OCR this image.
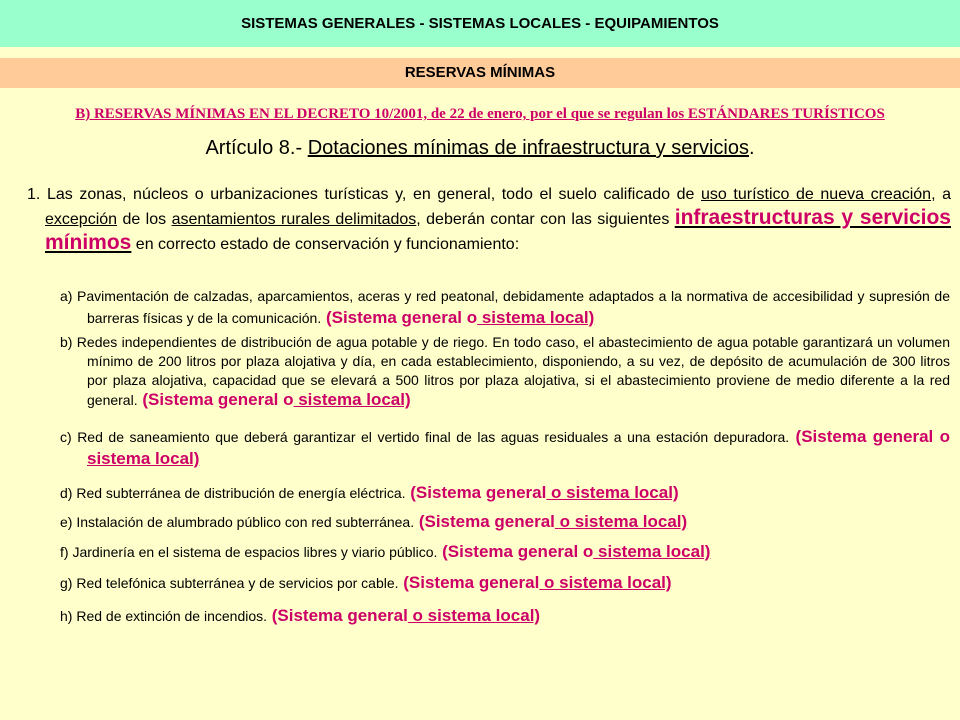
SISTEMAS GENERALES - SISTEMAS LOCALES - EQUIPAMIENTOS
RESERVAS MÍNIMAS
B) RESERVAS MÍNIMAS EN EL DECRETO 10/2001, de 22 de enero, por el que se regulan los ESTÁNDARES TURÍSTICOS
Artículo 8.- Dotaciones mínimas de infraestructura y servicios.
1. Las zonas, núcleos o urbanizaciones turísticas y, en general, todo el suelo calificado de uso turístico de nueva creación, a excepción de los asentamientos rurales delimitados, deberán contar con las siguientes infraestructuras y servicios mínimos en correcto estado de conservación y funcionamiento:
a) Pavimentación de calzadas, aparcamientos, aceras y red peatonal, debidamente adaptados a la normativa de accesibilidad y supresión de barreras físicas y de la comunicación. (Sistema general o sistema local)
b) Redes independientes de distribución de agua potable y de riego. En todo caso, el abastecimiento de agua potable garantizará un volumen mínimo de 200 litros por plaza alojativa y día, en cada establecimiento, disponiendo, a su vez, de depósito de acumulación de 300 litros por plaza alojativa, capacidad que se elevará a 500 litros por plaza alojativa, si el abastecimiento proviene de medio diferente a la red general. (Sistema general o sistema local)
c) Red de saneamiento que deberá garantizar el vertido final de las aguas residuales a una estación depuradora. (Sistema general o sistema local)
d) Red subterránea de distribución de energía eléctrica. (Sistema general o sistema local)
e) Instalación de alumbrado público con red subterránea. (Sistema general o sistema local)
f) Jardinería en el sistema de espacios libres y viario público. (Sistema general o sistema local)
g) Red telefónica subterránea y de servicios por cable. (Sistema general o sistema local)
h) Red de extinción de incendios. (Sistema general o sistema local)
